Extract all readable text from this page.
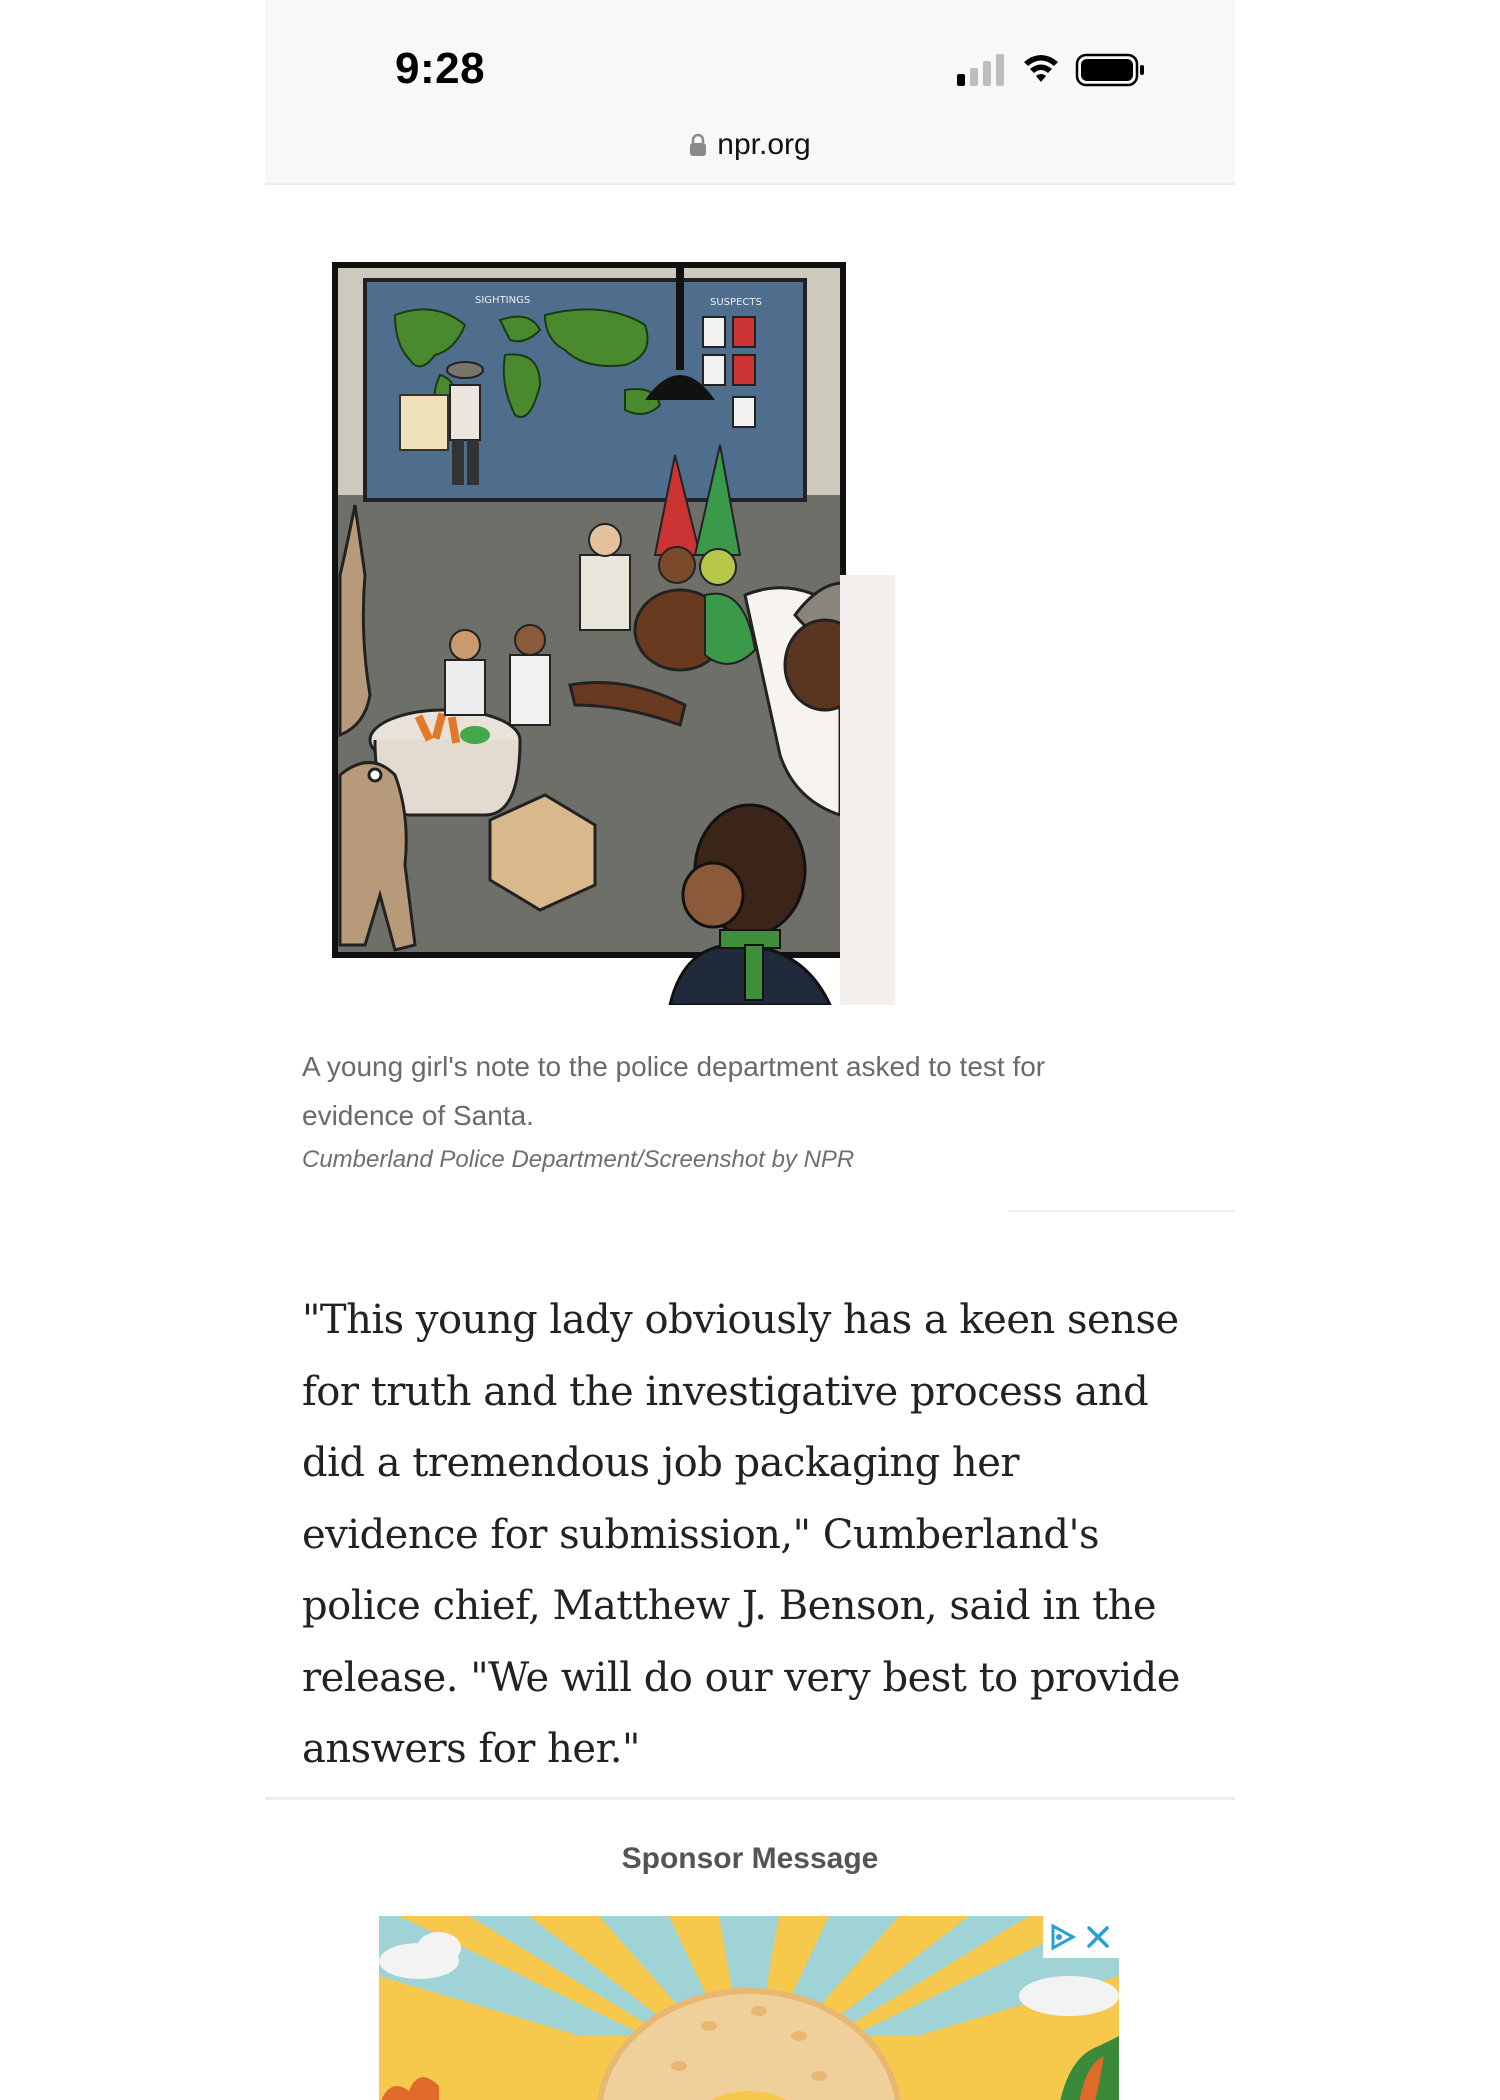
9:28
npr.org
SIGHTINGS	SUSPECTS
A young girl's note to the police department asked to test for evidence of Santa.
Cumberland Police Department/Screenshot by NPR

"This young lady obviously has a keen sense for truth and the investigative process and did a tremendous job packaging her evidence for submission," Cumberland's police chief, Matthew J. Benson, said in the release. "We will do our very best to provide answers for her."

Sponsor Message
